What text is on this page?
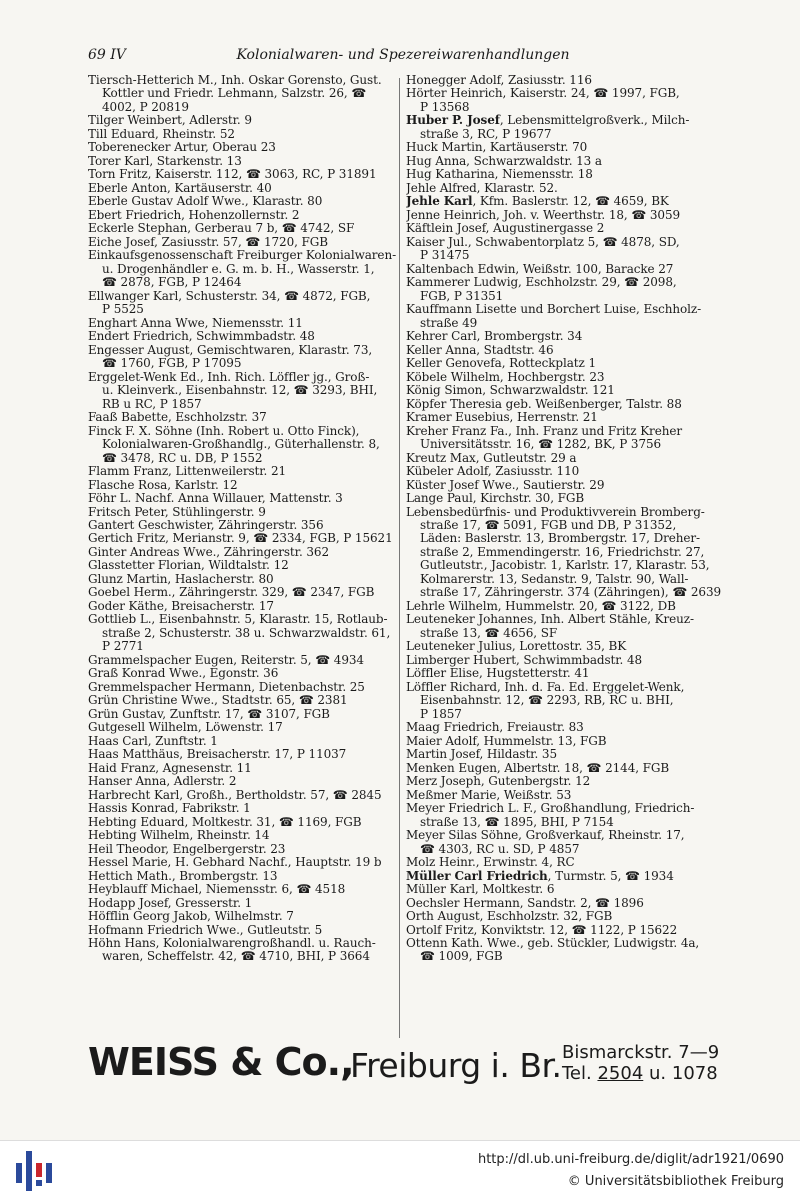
69 IV	Kolonialwaren- und Spezereiwarenhandlungen
Tiersch-Hetterich M., Inh. Oskar Gorensto, Gust.
Kottler und Friedr. Lehmann, Salzstr. 26, ☎
4002, P 20819
Tilger Weinbert, Adlerstr. 9
Till Eduard, Rheinstr. 52
Toberenecker Artur, Oberau 23
Torer Karl, Starkenstr. 13
Torn Fritz, Kaiserstr. 112, ☎ 3063, RC, P 31891
Eberle Anton, Kartäuserstr. 40
Eberle Gustav Adolf Wwe., Klarastr. 80
Ebert Friedrich, Hohenzollernstr. 2
Eckerle Stephan, Gerberau 7 b, ☎ 4742, SF
Eiche Josef, Zasiusstr. 57, ☎ 1720, FGB
Einkaufsgenossenschaft Freiburger Kolonialwaren-
u. Drogenhändler e. G. m. b. H., Wasserstr. 1,
☎ 2878, FGB, P 12464
Ellwanger Karl, Schusterstr. 34, ☎ 4872, FGB,
P 5525
Enghart Anna Wwe, Niemensstr. 11
Endert Friedrich, Schwimmbadstr. 48
Engesser August, Gemischtwaren, Klarastr. 73,
☎ 1760, FGB, P 17095
Erggelet-Wenk Ed., Inh. Rich. Löffler jg., Groß-
u. Kleinverk., Eisenbahnstr. 12, ☎ 3293, BHI,
RB u RC, P 1857
Faaß Babette, Eschholzstr. 37
Finck F. X. Söhne (Inh. Robert u. Otto Finck),
Kolonialwaren-Großhandlg., Güterhallenstr. 8,
☎ 3478, RC u. DB, P 1552
Flamm Franz, Littenweilerstr. 21
Flasche Rosa, Karlstr. 12
Föhr L. Nachf. Anna Willauer, Mattenstr. 3
Fritsch Peter, Stühlingerstr. 9
Gantert Geschwister, Zähringerstr. 356
Gertich Fritz, Merianstr. 9, ☎ 2334, FGB, P 15621
Ginter Andreas Wwe., Zähringerstr. 362
Glasstetter Florian, Wildtalstr. 12
Glunz Martin, Haslacherstr. 80
Goebel Herm., Zähringerstr. 329, ☎ 2347, FGB
Goder Käthe, Breisacherstr. 17
Gottlieb L., Eisenbahnstr. 5, Klarastr. 15, Rotlaub-
straße 2, Schusterstr. 38 u. Schwarzwaldstr. 61,
P 2771
Grammelspacher Eugen, Reiterstr. 5, ☎ 4934
Graß Konrad Wwe., Egonstr. 36
Gremmelspacher Hermann, Dietenbachstr. 25
Grün Christine Wwe., Stadtstr. 65, ☎ 2381
Grün Gustav, Zunftstr. 17, ☎ 3107, FGB
Gutgesell Wilhelm, Löwenstr. 17
Haas Carl, Zunftstr. 1
Haas Matthäus, Breisacherstr. 17, P 11037
Haid Franz, Agnesenstr. 11
Hanser Anna, Adlerstr. 2
Harbrecht Karl, Großh., Bertholdstr. 57, ☎ 2845
Hassis Konrad, Fabrikstr. 1
Hebting Eduard, Moltkestr. 31, ☎ 1169, FGB
Hebting Wilhelm, Rheinstr. 14
Heil Theodor, Engelbergerstr. 23
Hessel Marie, H. Gebhard Nachf., Hauptstr. 19 b
Hettich Math., Brombergstr. 13
Heyblauff Michael, Niemensstr. 6, ☎ 4518
Hodapp Josef, Gresserstr. 1
Höfflin Georg Jakob, Wilhelmstr. 7
Hofmann Friedrich Wwe., Gutleutstr. 5
Höhn Hans, Kolonialwarengroßhandl. u. Rauch-
waren, Scheffelstr. 42, ☎ 4710, BHI, P 3664
Honegger Adolf, Zasiusstr. 116
Hörter Heinrich, Kaiserstr. 24, ☎ 1997, FGB,
P 13568
Huber P. Josef, Lebensmittelgroßverk., Milch-
straße 3, RC, P 19677
Huck Martin, Kartäuserstr. 70
Hug Anna, Schwarzwaldstr. 13 a
Hug Katharina, Niemensstr. 18
Jehle Alfred, Klarastr. 52.
Jehle Karl, Kfm. Baslerstr. 12, ☎ 4659, BK
Jenne Heinrich, Joh. v. Weerthstr. 18, ☎ 3059
Käftlein Josef, Augustinergasse 2
Kaiser Jul., Schwabentorplatz 5, ☎ 4878, SD,
P 31475
Kaltenbach Edwin, Weißstr. 100, Baracke 27
Kammerer Ludwig, Eschholzstr. 29, ☎ 2098,
FGB, P 31351
Kauffmann Lisette und Borchert Luise, Eschholz-
straße 49
Kehrer Carl, Brombergstr. 34
Keller Anna, Stadtstr. 46
Keller Genovefa, Rotteckplatz 1
Köbele Wilhelm, Hochbergstr. 23
König Simon, Schwarzwaldstr. 121
Köpfer Theresia geb. Weißenberger, Talstr. 88
Kramer Eusebius, Herrenstr. 21
Kreher Franz Fa., Inh. Franz und Fritz Kreher
Universitätsstr. 16, ☎ 1282, BK, P 3756
Kreutz Max, Gutleutstr. 29 a
Kübeler Adolf, Zasiusstr. 110
Küster Josef Wwe., Sautierstr. 29
Lange Paul, Kirchstr. 30, FGB
Lebensbedürfnis- und Produktivverein Bromberg-
straße 17, ☎ 5091, FGB und DB, P 31352,
Läden: Baslerstr. 13, Brombergstr. 17, Dreher-
straße 2, Emmendingerstr. 16, Friedrichstr. 27,
Gutleutstr., Jacobistr. 1, Karlstr. 17, Klarastr. 53,
Kolmarerstr. 13, Sedanstr. 9, Talstr. 90, Wall-
straße 17, Zähringerstr. 374 (Zähringen), ☎ 2639
Lehrle Wilhelm, Hummelstr. 20, ☎ 3122, DB
Leuteneker Johannes, Inh. Albert Stähle, Kreuz-
straße 13, ☎ 4656, SF
Leuteneker Julius, Lorettostr. 35, BK
Limberger Hubert, Schwimmbadstr. 48
Löffler Elise, Hugstetterstr. 41
Löffler Richard, Inh. d. Fa. Ed. Erggelet-Wenk,
Eisenbahnstr. 12, ☎ 2293, RB, RC u. BHI,
P 1857
Maag Friedrich, Freiaustr. 83
Maier Adolf, Hummelstr. 13, FGB
Martin Josef, Hildastr. 35
Menken Eugen, Albertstr. 18, ☎ 2144, FGB
Merz Joseph, Gutenbergstr. 12
Meßmer Marie, Weißstr. 53
Meyer Friedrich L. F., Großhandlung, Friedrich-
straße 13, ☎ 1895, BHI, P 7154
Meyer Silas Söhne, Großverkauf, Rheinstr. 17,
☎ 4303, RC u. SD, P 4857
Molz Heinr., Erwinstr. 4, RC
Müller Carl Friedrich, Turmstr. 5, ☎ 1934
Müller Karl, Moltkestr. 6
Oechsler Hermann, Sandstr. 2, ☎ 1896
Orth August, Eschholzstr. 32, FGB
Ortolf Fritz, Konviktstr. 12, ☎ 1122, P 15622
Ottenn Kath. Wwe., geb. Stückler, Ludwigstr. 4a,
☎ 1009, FGB
WEISS & Co.,
Freiburg i. Br. Bismarckstr. 7—9
Tel. 2504 u. 1078
http://dl.ub.uni-freiburg.de/diglit/adr1921/0690
© Universitätsbibliothek Freiburg
